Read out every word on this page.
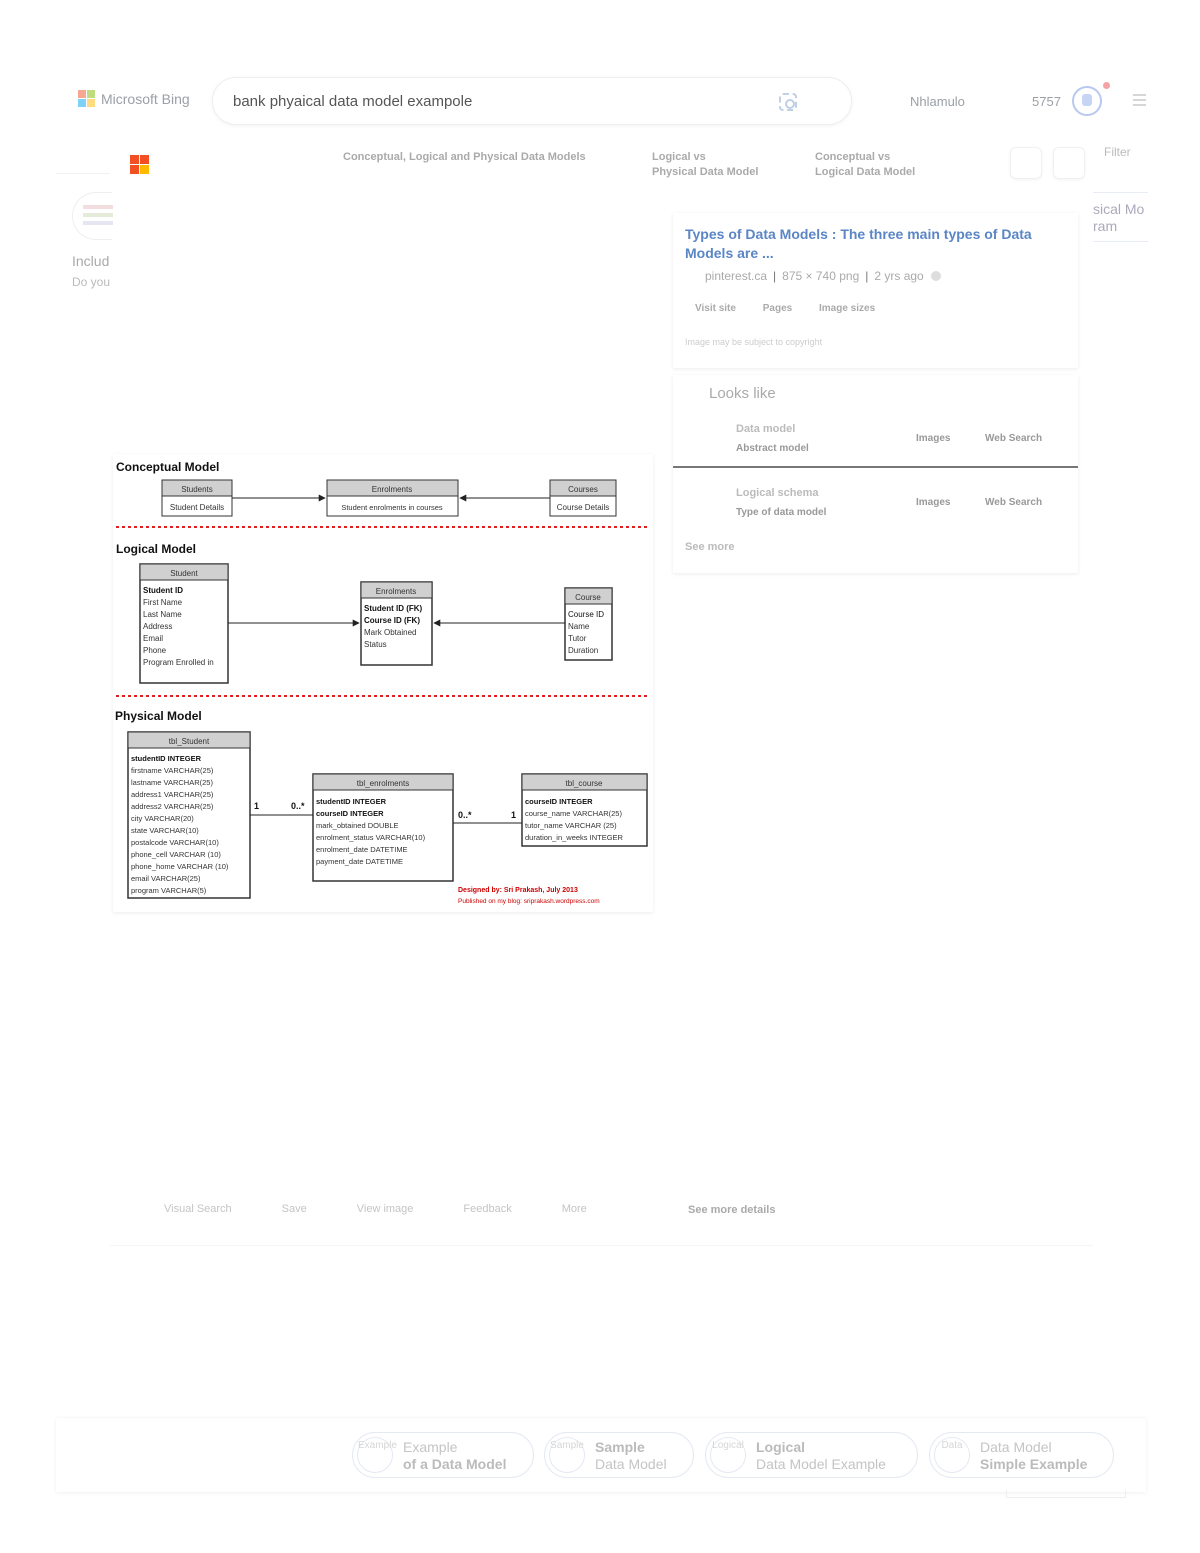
Microsoft Bing	bank phyaical data model exampole	Nhlamulo	5757
Filter
Includ
Do you
sical Mo
ram
Conceptual, Logical and Physical Data Models	Logical vs
Physical Data Model
Conceptual vs
Logical Data Model
Conceptual Model
Students
Student Details
Enrolments
Student enrolments in courses
Courses
Course Details
Logical Model
Student
Student ID
First Name
Last Name
Address
Email
Phone
Program Enrolled in
Enrolments
Student ID (FK)
Course ID (FK)
Mark Obtained
Status
Course
Course ID
Name
Tutor
Duration
Physical Model
tbl_Student
studentID INTEGER
firstname VARCHAR(25)
lastname VARCHAR(25)
address1 VARCHAR(25)
address2 VARCHAR(25)
city VARCHAR(20)
state VARCHAR(10)
postalcode VARCHAR(10)
phone_cell VARCHAR (10)
phone_home VARCHAR (10)
email VARCHAR(25)
program VARCHAR(5)
tbl_enrolments
studentID INTEGER
courseID INTEGER
mark_obtained DOUBLE
enrolment_status VARCHAR(10)
enrolment_date DATETIME
payment_date DATETIME
tbl_course
courseID INTEGER
course_name VARCHAR(25)
tutor_name VARCHAR (25)
duration_in_weeks INTEGER
1	0..*
0..*	1
Designed by: Sri Prakash, July 2013
Published on my blog: sriprakash.wordpress.com
Types of Data Models : The three main types of Data Models are ...
pinterest.ca | 875 × 740 png | 2 yrs ago
Visit site	Pages	Image sizes
Image may be subject to copyright
Looks like
Data model
Abstract model
Images	Web Search
Logical schema
Type of data model
Images	Web Search
See more
Visual Search	Save	View image	Feedback	More	See more details
Example Example
of a Data Model
Sample Sample
Data Model
Logical Logical
Data Model Example
Data	Data Model
Simple Example
